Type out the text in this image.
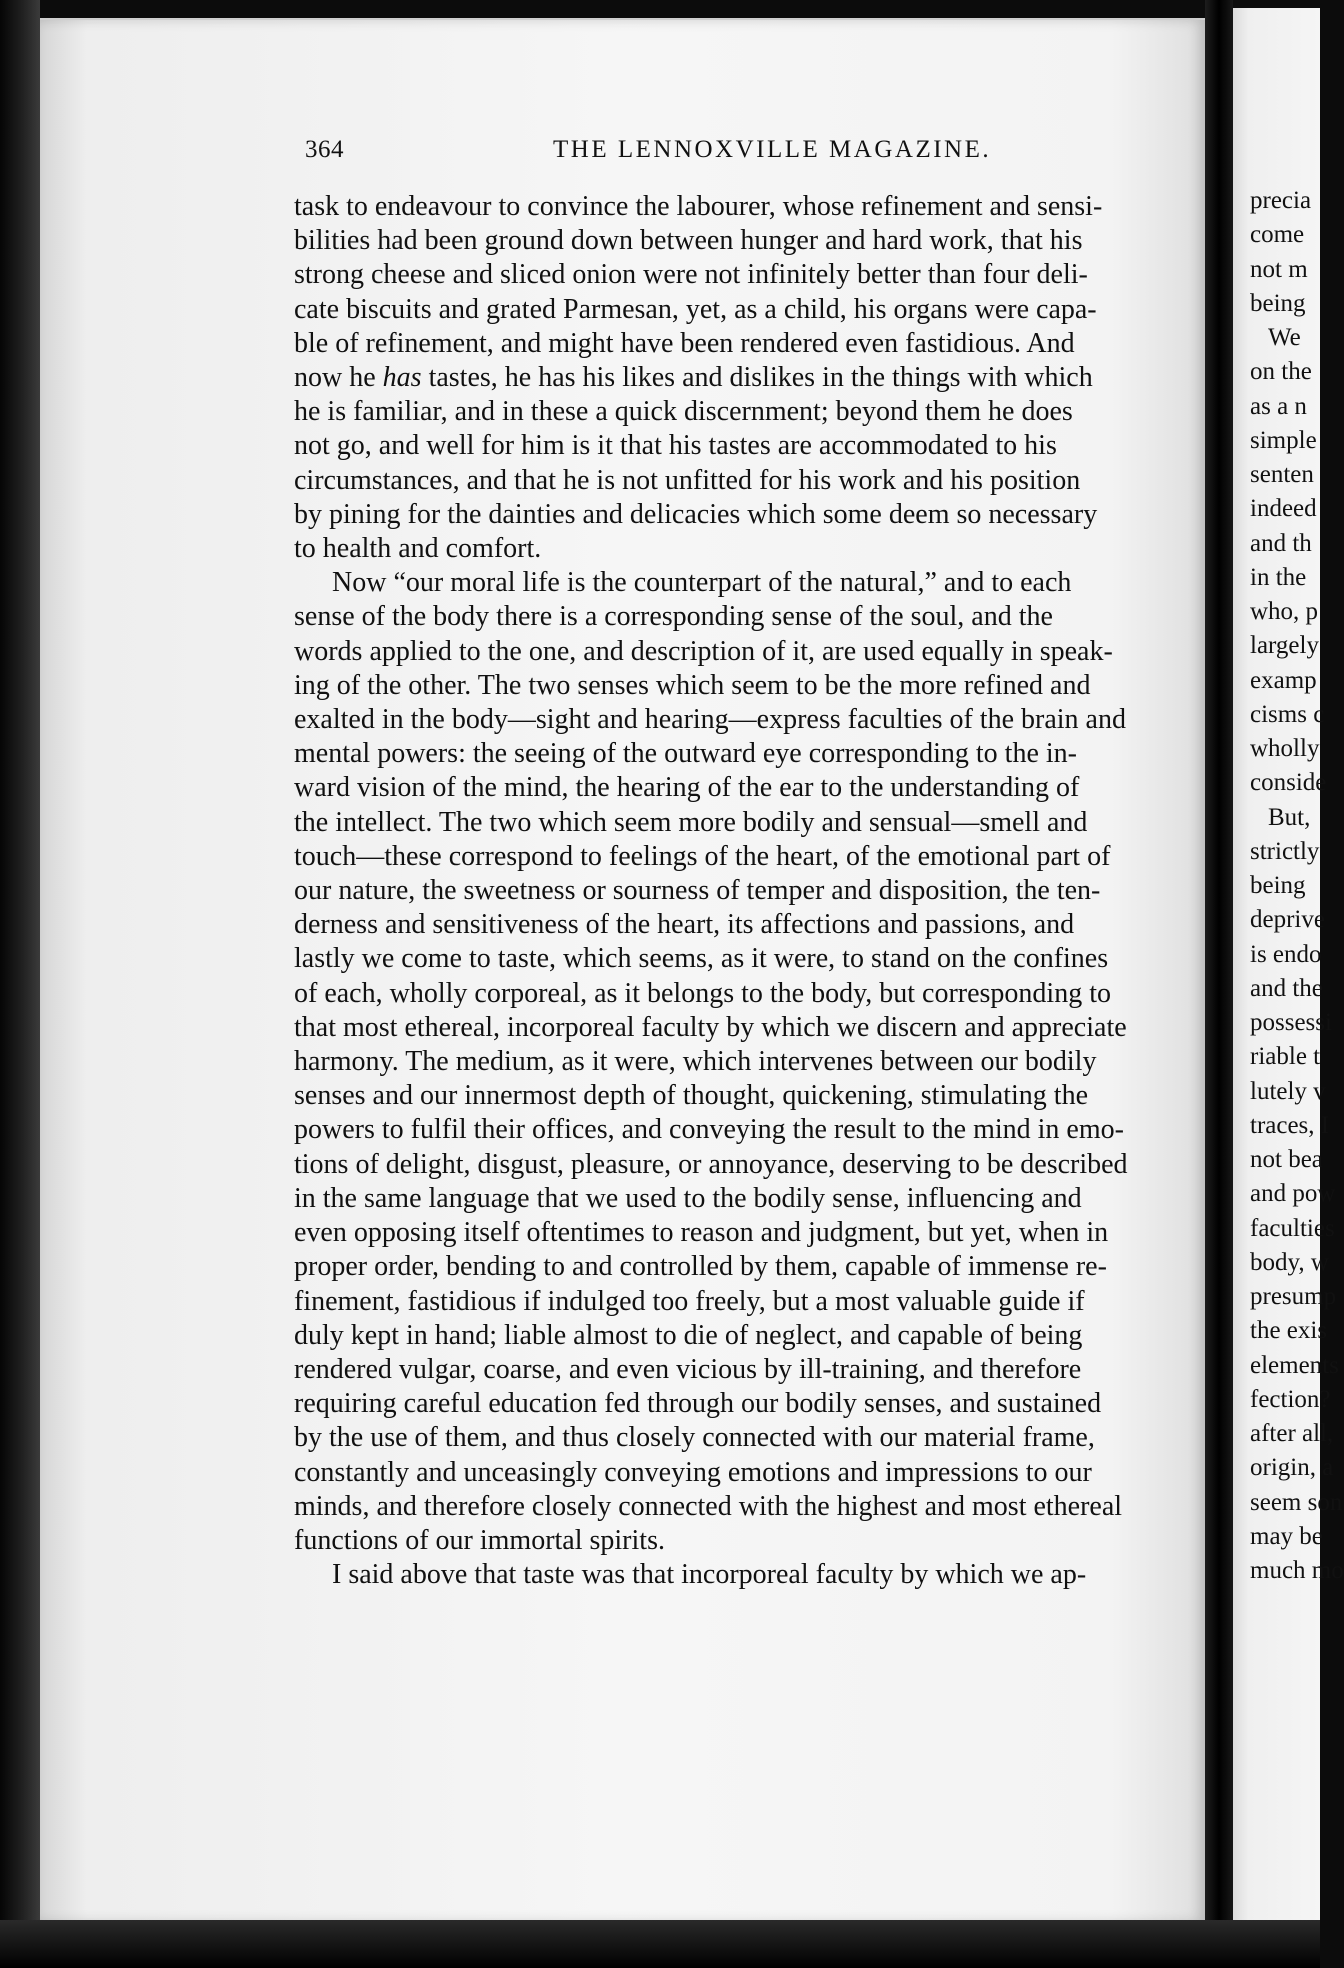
364	THE LENNOXVILLE MAGAZINE.
task to endeavour to convince the labourer, whose refinement and sensi-
bilities had been ground down between hunger and hard work, that his
strong cheese and sliced onion were not infinitely better than four deli-
cate biscuits and grated Parmesan, yet, as a child, his organs were capa-
ble of refinement, and might have been rendered even fastidious. And
now he has tastes, he has his likes and dislikes in the things with which
he is familiar, and in these a quick discernment; beyond them he does
not go, and well for him is it that his tastes are accommodated to his
circumstances, and that he is not unfitted for his work and his position
by pining for the dainties and delicacies which some deem so necessary
to health and comfort.
Now “our moral life is the counterpart of the natural,” and to each
sense of the body there is a corresponding sense of the soul, and the
words applied to the one, and description of it, are used equally in speak-
ing of the other. The two senses which seem to be the more refined and
exalted in the body—sight and hearing—express faculties of the brain and
mental powers: the seeing of the outward eye corresponding to the in-
ward vision of the mind, the hearing of the ear to the understanding of
the intellect. The two which seem more bodily and sensual—smell and
touch—these correspond to feelings of the heart, of the emotional part of
our nature, the sweetness or sourness of temper and disposition, the ten-
derness and sensitiveness of the heart, its affections and passions, and
lastly we come to taste, which seems, as it were, to stand on the confines
of each, wholly corporeal, as it belongs to the body, but corresponding to
that most ethereal, incorporeal faculty by which we discern and appreciate
harmony. The medium, as it were, which intervenes between our bodily
senses and our innermost depth of thought, quickening, stimulating the
powers to fulfil their offices, and conveying the result to the mind in emo-
tions of delight, disgust, pleasure, or annoyance, deserving to be described
in the same language that we used to the bodily sense, influencing and
even opposing itself oftentimes to reason and judgment, but yet, when in
proper order, bending to and controlled by them, capable of immense re-
finement, fastidious if indulged too freely, but a most valuable guide if
duly kept in hand; liable almost to die of neglect, and capable of being
rendered vulgar, coarse, and even vicious by ill-training, and therefore
requiring careful education fed through our bodily senses, and sustained
by the use of them, and thus closely connected with our material frame,
constantly and unceasingly conveying emotions and impressions to our
minds, and therefore closely connected with the highest and most ethereal
functions of our immortal spirits.
I said above that taste was that incorporeal faculty by which we ap-
precia
come
not m
being
We
on the
as a n
simple
senten
indeed
and th
in the
who, p
largely
examp
cisms c
wholly
conside
But,
strictly
being
deprive
is endo
and the
possessi
riable t
lutely v
traces, I
not bea
and pow
faculties
body, w
presump
the exis
elements
fection?
after all,
origin, a
seem son
may be
much mo
